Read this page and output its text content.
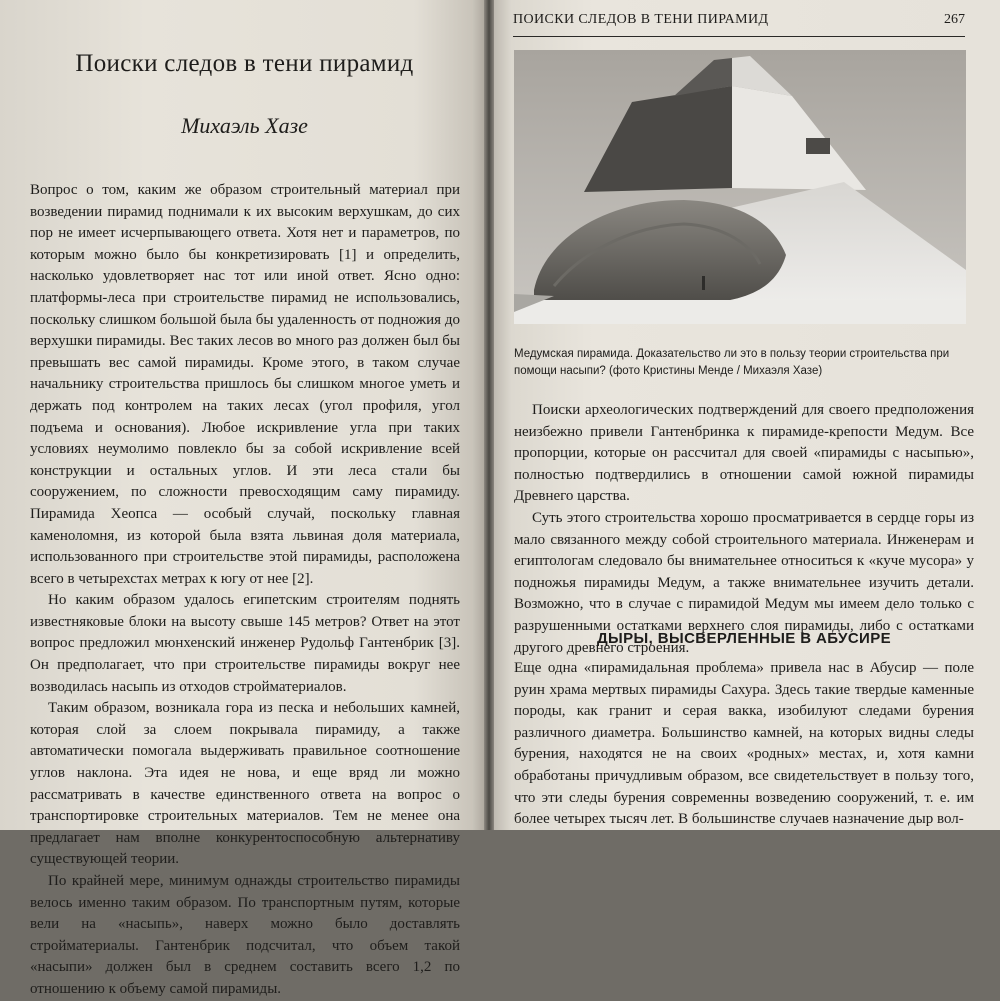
Поиски следов в тени пирамид
Михаэль Хазе

Вопрос о том, каким же образом строительный материал при возведении пирамид поднимали к их высоким верхушкам, до сих пор не имеет исчерпывающего ответа. Хотя нет и параметров, по которым можно было бы конкретизировать [1] и определить, насколько удовлетворяет нас тот или иной ответ. Ясно одно: платформы-леса при строительстве пирамид не использовались, поскольку слишком большой была бы удаленность от подножия до верхушки пирамиды. Вес таких лесов во много раз должен был бы превышать вес самой пирамиды. Кроме этого, в таком случае начальнику строительства пришлось бы слишком многое уметь и держать под контролем на таких лесах (угол профиля, угол подъема и основания). Любое искривление угла при таких условиях неумолимо повлекло бы за собой искривление всей конструкции и остальных углов. И эти леса стали бы сооружением, по сложности превосходящим саму пирамиду. Пирамида Хеопса — особый случай, поскольку главная каменоломня, из которой была взята львиная доля материала, использованного при строительстве этой пирамиды, расположена всего в четырехстах метрах к югу от нее [2].

Но каким образом удалось египетским строителям поднять известняковые блоки на высоту свыше 145 метров? Ответ на этот вопрос предложил мюнхенский инженер Рудольф Гантенбрик [3]. Он предполагает, что при строительстве пирамиды вокруг нее возводилась насыпь из отходов стройматериалов.

Таким образом, возникала гора из песка и небольших камней, которая слой за слоем покрывала пирамиду, а также автоматически помогала выдерживать правильное соотношение углов наклона. Эта идея не нова, и еще вряд ли можно рассматривать в качестве единственного ответа на вопрос о транспортировке строительных материалов. Тем не менее она предлагает нам вполне конкурентоспособную альтернативу существующей теории.

По крайней мере, минимум однажды строительство пирамиды велось именно таким образом. По транспортным путям, которые вели на «насыпь», наверх можно было доставлять стройматериалы. Гантенбрик подсчитал, что объем такой «насыпи» должен был в среднем составить всего 1,2 по отношению к объему самой пирамиды.

ПОИСКИ СЛЕДОВ В ТЕНИ ПИРАМИД	267

Медумская пирамида. Доказательство ли это в пользу теории строительства при помощи насыпи? (фото Кристины Менде / Михаэля Хазе)

Поиски археологических подтверждений для своего предположения неизбежно привели Гантенбринка к пирамиде-крепости Медум. Все пропорции, которые он рассчитал для своей «пирамиды с насыпью», полностью подтвердились в отношении самой южной пирамиды Древнего царства.

Суть этого строительства хорошо просматривается в сердце горы из мало связанного между собой строительного материала. Инженерам и египтологам следовало бы внимательнее относиться к «куче мусора» у подножья пирамиды Медум, а также внимательнее изучить детали. Возможно, что в случае с пирамидой Медум мы имеем дело только с разрушенными остатками верхнего слоя пирамиды, либо с остатками другого древнего строения.

ДЫРЫ, ВЫСВЕРЛЕННЫЕ В АБУСИРЕ

Еще одна «пирамидальная проблема» привела нас в Абусир — поле руин храма мертвых пирамиды Сахура. Здесь такие твердые каменные породы, как гранит и серая вакка, изобилуют следами бурения различного диаметра. Большинство камней, на которых видны следы бурения, находятся не на своих «родных» местах, и, хотя камни обработаны причудливым образом, все свидетельствует в пользу того, что эти следы бурения современны возведению сооружений, т. е. им более четырех тысяч лет. В большинстве случаев назначение дыр вол-
